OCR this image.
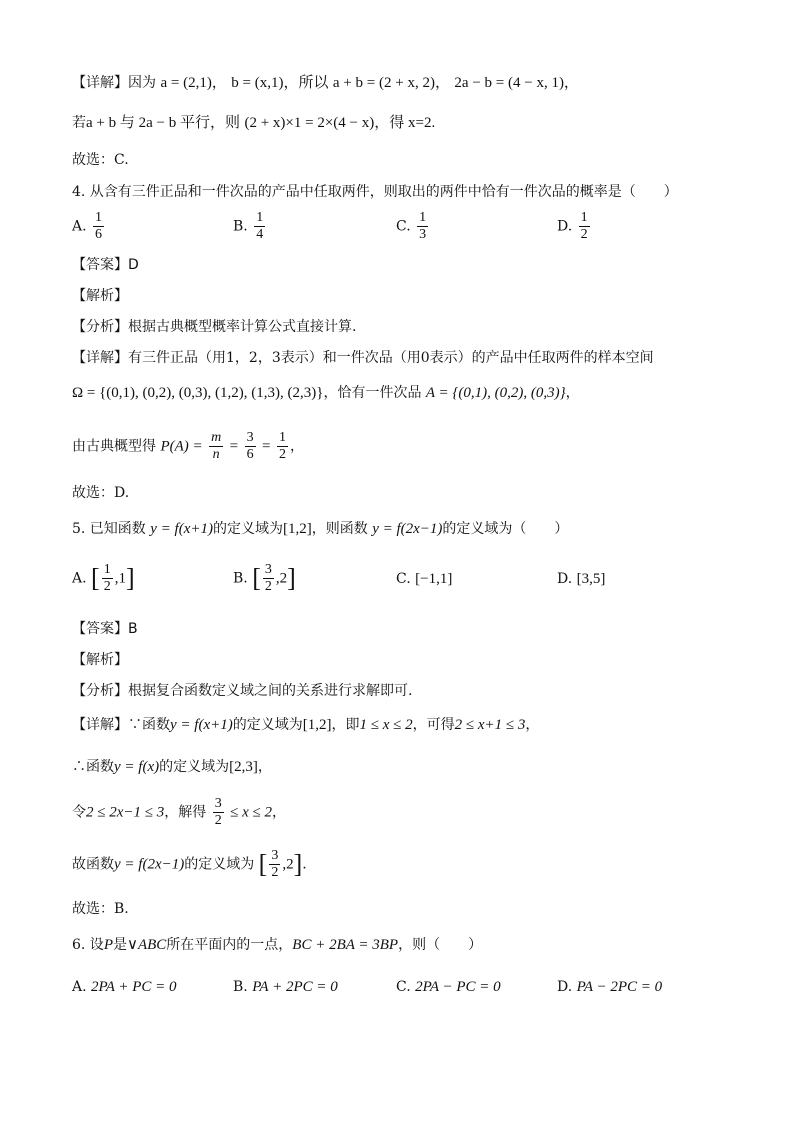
【详解】因为 a = (2,1)， b = (x,1)，所以 a + b = (2 + x, 2)， 2a − b = (4 − x, 1)，
若a + b 与 2a − b 平行，则 (2 + x)×1 = 2×(4 − x)，得 x=2.
故选：C.
4. 从含有三件正品和一件次品的产品中任取两件，则取出的两件中恰有一件次品的概率是（　　）
A. $\frac{1}{6}$	B. $\frac{1}{4}$	C. $\frac{1}{3}$	D. $\frac{1}{2}$
【答案】D
【解析】
【分析】根据古典概型概率计算公式直接计算.
【详解】有三件正品（用1，2，3表示）和一件次品（用0表示）的产品中任取两件的样本空间
Ω = {(0,1), (0,2), (0,3), (1,2), (1,3), (2,3)}，恰有一件次品 A = {(0,1), (0,2), (0,3)}，
由古典概型得 $P(A) = \frac{m}{n} = \frac{3}{6} = \frac{1}{2}$ ，
故选：D.
5. 已知函数 y = f(x+1)的定义域为[1,2]，则函数 y = f(2x−1)的定义域为（　　）
A. [ $\frac{1}{2} ,1$]	B. [ $\frac{3}{2} ,2$]	C. [−1,1]	D. [3,5]
【答案】B
【解析】
【分析】根据复合函数定义域之间的关系进行求解即可.
【详解】∵函数y = f(x+1)的定义域为[1,2]，即1 ≤ x ≤ 2，可得2 ≤ x+1 ≤ 3，
∴函数y = f(x)的定义域为[2,3]，
令2 ≤ 2x−1 ≤ 3，解得 $\frac{3}{2} \le x \le 2$，
故函数y = f(2x−1)的定义域为 [ $\frac{3}{2} ,2$].
故选：B.
6. 设P是∨ABC所在平面内的一点，BC + 2BA = 3BP，则（　　）
A. 2PA + PC = 0	B. PA + 2PC = 0	C. 2PA − PC = 0	D. PA − 2PC = 0
